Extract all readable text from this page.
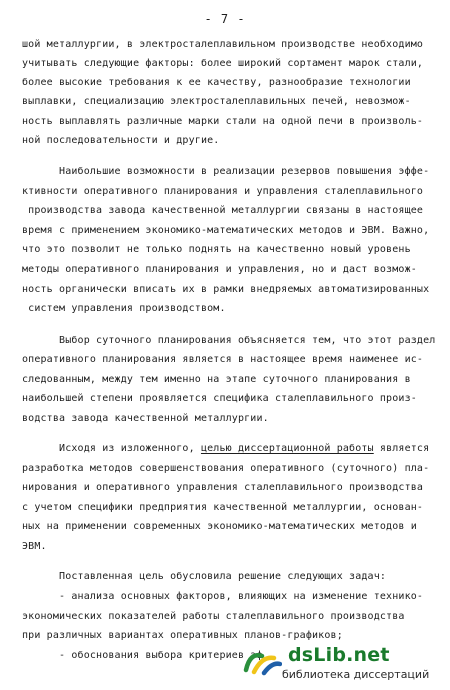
- 7 -
шой металлургии, в электросталеплавильном производстве необходимо
учитывать следующие факторы: более широкий сортамент марок стали,
более высокие требования к ее качеству, разнообразие технологии
выплавки, специализацию электросталеплавильных печей, невозмож-
ность выплавлять различные марки стали на одной печи в произволь-
ной последовательности и другие.
Наибольшие возможности в реализации резервов повышения эффе-
ктивности оперативного планирования и управления сталеплавильного
производства завода качественной металлургии связаны в настоящее
время с применением экономико-математических методов и ЭВМ. Важно,
что это позволит не только поднять на качественно новый уровень
методы оперативного планирования и управления, но и даст возмож-
ность органически вписать их в рамки внедряемых автоматизированных
систем управления производством.
Выбор суточного планирования объясняется тем, что этот раздел
оперативного планирования является в настоящее время наименее ис-
следованным, между тем именно на этапе суточного планирования в
наибольшей степени проявляется специфика сталеплавильного произ-
водства завода качественной металлургии.
Исходя из изложенного, целью диссертационной работы является
разработка методов совершенствования оперативного (суточного) пла-
нирования и оперативного управления сталеплавильного производства
с учетом специфики предприятия качественной металлургии, основан-
ных на применении современных экономико-математических методов и
ЭВМ.
Поставленная цель обусловила решение следующих задач:
- анализа основных факторов, влияющих на изменение технико-
экономических показателей работы сталеплавильного производства
при различных вариантах оперативных планов-графиков;
- обоснования выбора критериев эф dsLib.net
библиотека диссертаций
